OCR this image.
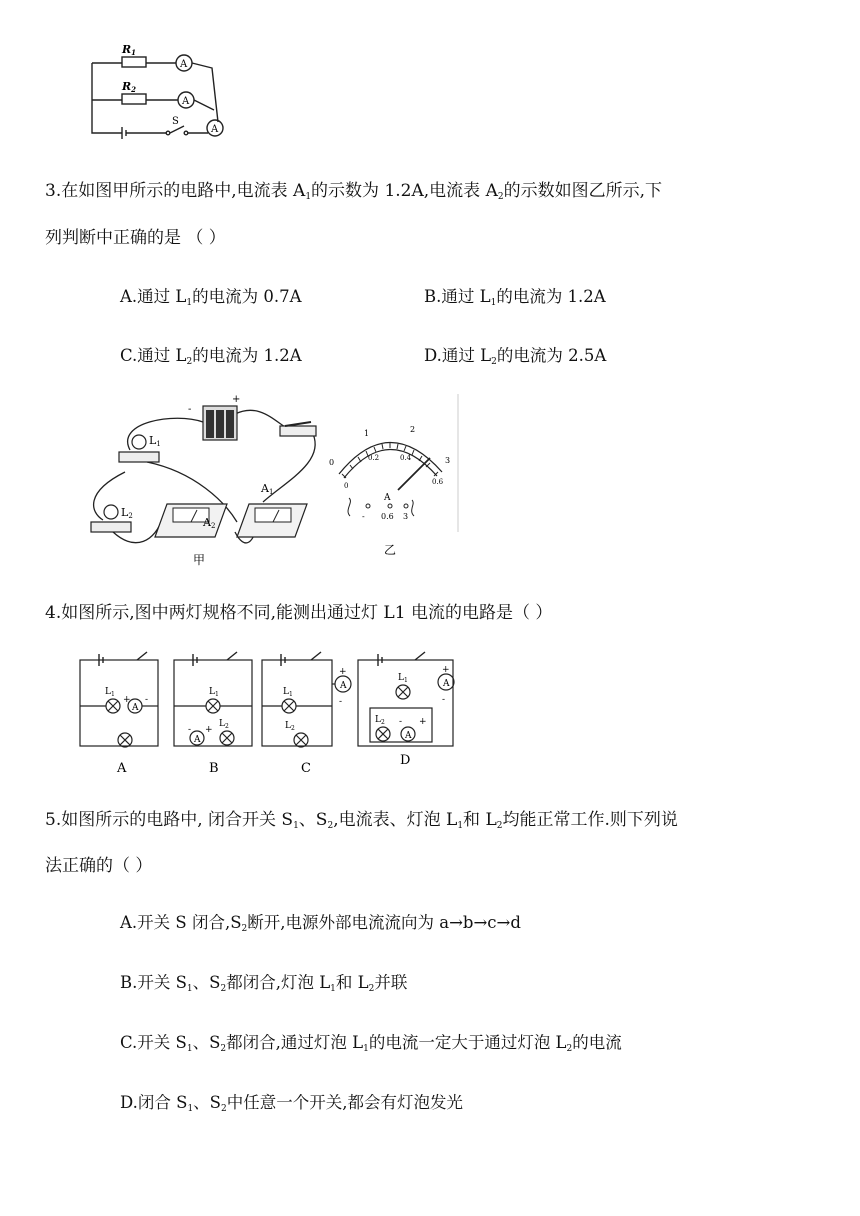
R1
R2
A
A
A
S
3.在如图甲所示的电路中,电流表 $A_1$的示数为 1.2A,电流表 $A_2$的示数如图乙所示,下
列判断中正确的是 （ ）
A.通过 $L_1$的电流为 0.7A	B.通过 $L_1$的电流为 1.2A
C.通过 $L_2$的电流为 1.2A	D.通过 $L_2$的电流为 2.5A
-
+
L1
L2	A2
A1
甲
0
1	2
3
0
0.2	0.4
0.6
A
- 0.6 3
乙
4.如图所示,图中两灯规格不同,能测出通过灯 L1 电流的电路是（ ）
A
A
A
A
A
$L_1$	$L_1$
$L_2$
$L_1$
$L_2$
$L_1$
$L_2$
+ -
- +
+
-
- +
+
-
A	B	C
D
5.如图所示的电路中, 闭合开关 $S_1$、$S_2$,电流表、灯泡 $L_1$和 $L_2$均能正常工作.则下列说
法正确的（ ）
A.开关 S 闭合$,S_2$断开,电源外部电流流向为 a→b→c→d
B.开关 $S_1$、$S_2$都闭合,灯泡 $L_1$和 $L_2$并联
C.开关 $S_1$、$S_2$都闭合,通过灯泡 $L_1$的电流一定大于通过灯泡 $L_2$的电流
D.闭合 $S_1$、$S_2$中任意一个开关,都会有灯泡发光
